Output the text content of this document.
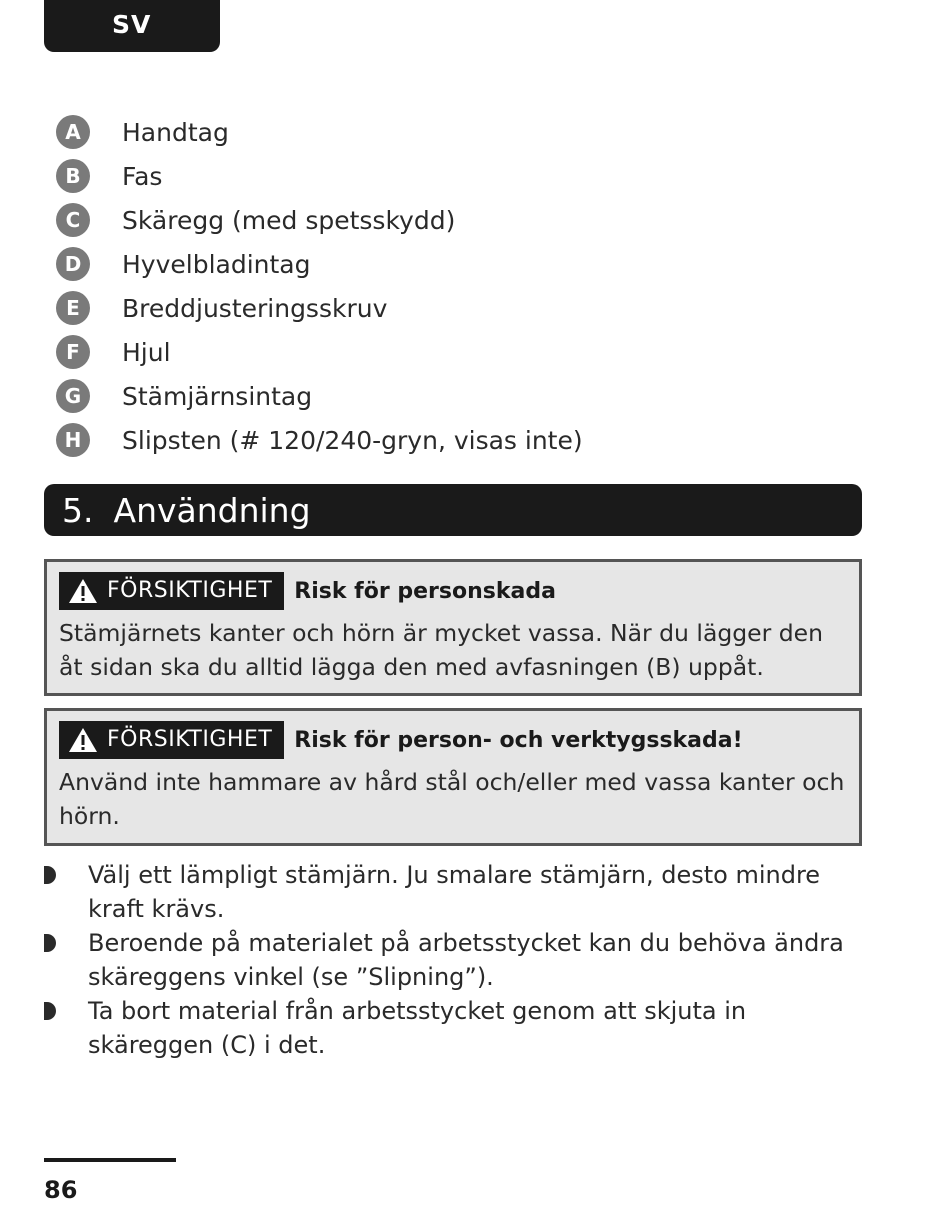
SV
A	Handtag
B	Fas
C	Skäregg (med spetsskydd)
D	Hyvelbladintag
E	Breddjusteringsskruv
F	Hjul
G	Stämjärnsintag
H	Slipsten (# 120/240-gryn, visas inte)
5. Användning
FÖRSIKTIGHET Risk för personskada
Stämjärnets kanter och hörn är mycket vassa. När du lägger den åt sidan ska du alltid lägga den med avfasningen (B) uppåt.
FÖRSIKTIGHET Risk för person- och verktygsskada!
Använd inte hammare av hård stål och/eller med vassa kanter och hörn.
Välj ett lämpligt stämjärn. Ju smalare stämjärn, desto mindre kraft krävs.
Beroende på materialet på arbetsstycket kan du behöva ändra skäreggens vinkel (se ”Slipning”).
Ta bort material från arbetsstycket genom att skjuta in skäreggen (C) i det.
86
